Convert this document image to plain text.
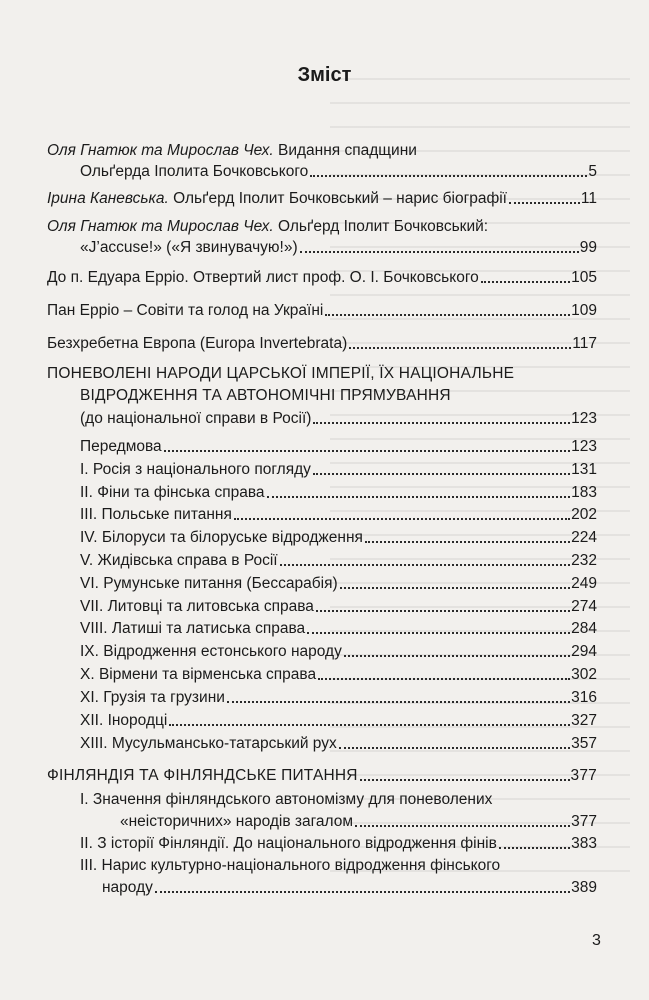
Зміст
Оля Гнатюк та Мирослав Чех. Видання спадщини
Ольґерда Іполита Бочковського	5
Ірина Каневська. Ольґерд Іполит Бочковський – нарис біографії	11
Оля Гнатюк та Мирослав Чех. Ольґерд Іполит Бочковський:
«J’accuse!» («Я звинувачую!»)	99
До п. Едуара Ерріо. Отвертий лист проф. О. І. Бочковського	105
Пан Ерріо – Совіти та голод на Україні	109
Безхребетна Европа (Europa Invertebrata)	117
ПОНЕВОЛЕНІ НАРОДИ ЦАРСЬКОЇ ІМПЕРІЇ, ЇХ НАЦІОНАЛЬНЕ
ВІДРОДЖЕННЯ ТА АВТОНОМІЧНІ ПРЯМУВАННЯ
(до національної справи в Росії)	123
Передмова	123
І. Росія з національного погляду	131
ІІ. Фіни та фінська справа	183
ІІІ. Польське питання	202
IV. Білоруси та білоруське відродження	224
V. Жидівська справа в Росії	232
VI. Румунське питання (Бессарабія)	249
VII. Литовці та литовська справа	274
VIII. Латиші та латиська справа	284
IX. Відродження естонського народу	294
X. Вірмени та вірменська справа	302
XI. Грузія та грузини	316
XII. Інородці	327
XIII. Мусульмансько-татарський рух	357
ФІНЛЯНДІЯ ТА ФІНЛЯНДСЬКЕ ПИТАННЯ	377
І. Значення фінляндського автономізму для поневолених
«неісторичних» народів загалом	377
ІІ. З історії Фінляндії. До національного відродження фінів	383
ІІІ. Нарис культурно-національного відродження фінського
народу	389
3
